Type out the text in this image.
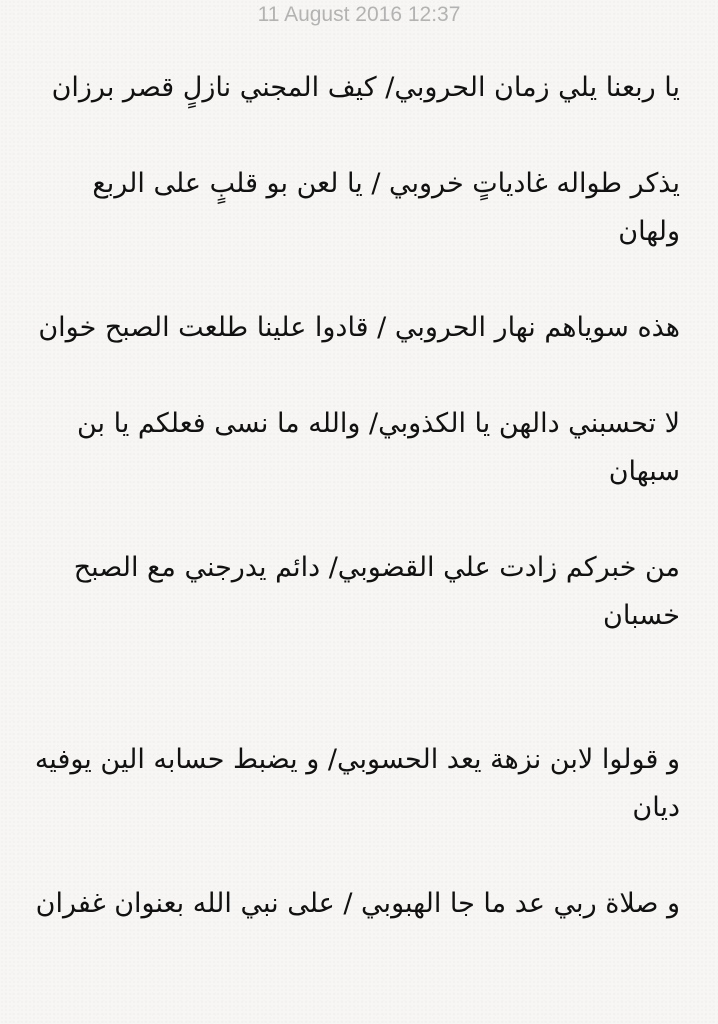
11 August 2016 12:37

يا ربعنا يلي زمان الحروبي/ كيف المجني نازلٍ قصر برزان

يذكر طواله غادياتٍ خروبي / يا لعن بو قلبٍ على الربع ولهان

هذه سوياهم نهار الحروبي / قادوا علينا طلعت الصبح خوان

لا تحسبني دالهن يا الكذوبي/ والله ما نسى فعلكم يا بن سبهان

من خبركم زادت علي القضوبي/ دائم يدرجني مع الصبح خسبان

و قولوا لابن نزهة يعد الحسوبي/ و يضبط حسابه الين يوفيه ديان

و صلاة ربي عد ما جا الهبوبي / على نبي الله بعنوان غفران
